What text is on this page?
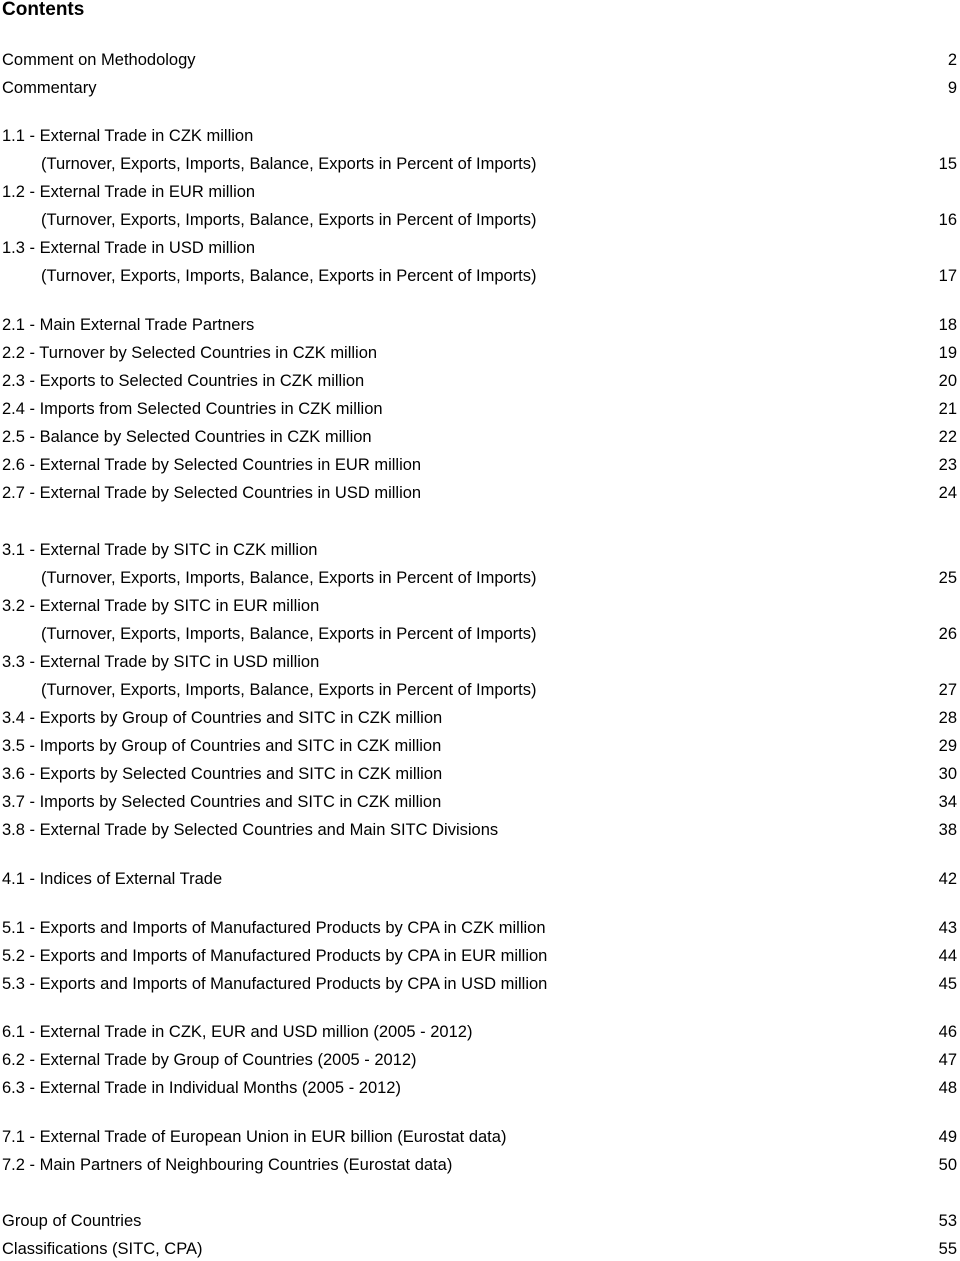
Contents
Comment on Methodology	2
Commentary	9
1.1 - External Trade in CZK million
(Turnover, Exports, Imports, Balance, Exports in Percent of Imports)	15
1.2 - External Trade in EUR million
(Turnover, Exports, Imports, Balance, Exports in Percent of Imports)	16
1.3 - External Trade in USD million
(Turnover, Exports, Imports, Balance, Exports in Percent of Imports)	17
2.1 - Main External Trade Partners	18
2.2 - Turnover by Selected Countries in CZK million	19
2.3 - Exports to Selected Countries in CZK million	20
2.4 - Imports from Selected Countries in CZK million	21
2.5 - Balance by Selected Countries in CZK million	22
2.6 - External Trade by Selected Countries in EUR million	23
2.7 - External Trade by Selected Countries in USD million	24
3.1 - External Trade by SITC in CZK million
(Turnover, Exports, Imports, Balance, Exports in Percent of Imports)	25
3.2 - External Trade by SITC in EUR million
(Turnover, Exports, Imports, Balance, Exports in Percent of Imports)	26
3.3 - External Trade by SITC in USD million
(Turnover, Exports, Imports, Balance, Exports in Percent of Imports)	27
3.4 - Exports by Group of Countries and SITC in CZK million	28
3.5 - Imports by Group of Countries and SITC in CZK million	29
3.6 - Exports by Selected Countries and SITC in CZK million	30
3.7 - Imports by Selected Countries and SITC in CZK million	34
3.8 - External Trade by Selected Countries and Main SITC Divisions	38
4.1 - Indices of External Trade	42
5.1 - Exports and Imports of Manufactured Products by CPA in CZK million	43
5.2 - Exports and Imports of Manufactured Products by CPA in EUR million	44
5.3 - Exports and Imports of Manufactured Products by CPA in USD million	45
6.1 - External Trade in CZK, EUR and USD million (2005 - 2012)	46
6.2 - External Trade by Group of Countries (2005 - 2012)	47
6.3 - External Trade in Individual Months (2005 - 2012)	48
7.1 - External Trade of European Union in EUR billion (Eurostat data)	49
7.2 - Main Partners of Neighbouring Countries (Eurostat data)	50
Group of Countries	53
Classifications (SITC, CPA)	55
